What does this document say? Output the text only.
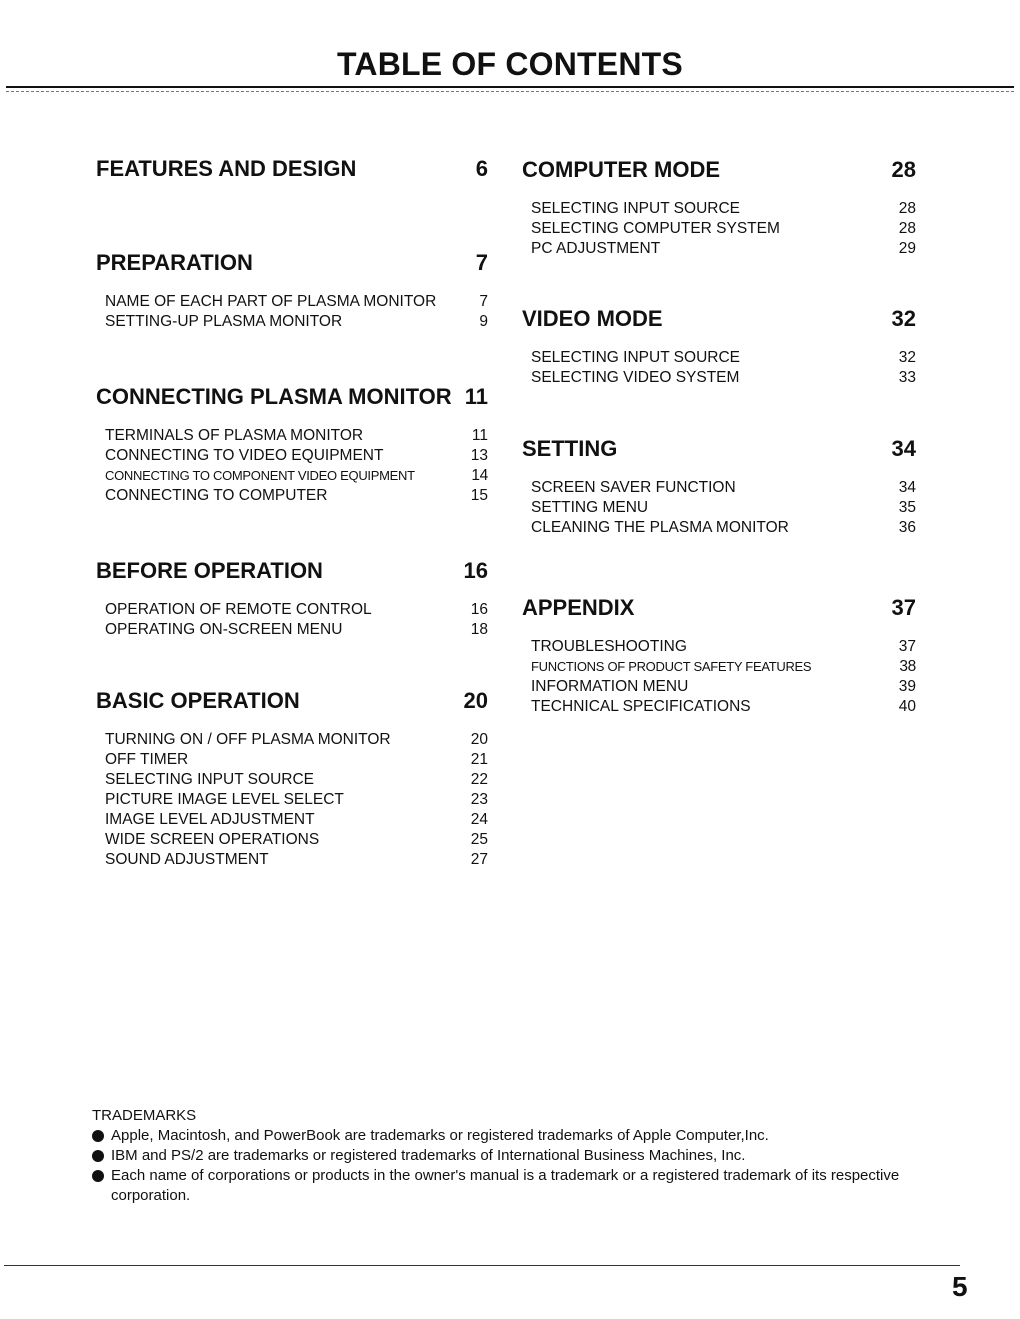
TABLE OF CONTENTS
FEATURES AND DESIGN	6
PREPARATION	7
NAME OF EACH PART OF PLASMA MONITOR	7
SETTING-UP PLASMA MONITOR	9
CONNECTING PLASMA MONITOR 11
TERMINALS OF PLASMA MONITOR	11
CONNECTING TO VIDEO EQUIPMENT	13
CONNECTING TO COMPONENT VIDEO EQUIPMENT	14
CONNECTING TO COMPUTER	15
BEFORE OPERATION	16
OPERATION OF REMOTE CONTROL	16
OPERATING ON-SCREEN MENU	18
BASIC OPERATION	20
TURNING ON / OFF PLASMA MONITOR	20
OFF TIMER	21
SELECTING INPUT SOURCE	22
PICTURE IMAGE LEVEL SELECT	23
IMAGE LEVEL ADJUSTMENT	24
WIDE SCREEN OPERATIONS	25
SOUND ADJUSTMENT	27
COMPUTER MODE	28
SELECTING INPUT SOURCE	28
SELECTING COMPUTER SYSTEM	28
PC ADJUSTMENT	29
VIDEO MODE	32
SELECTING INPUT SOURCE	32
SELECTING VIDEO SYSTEM	33
SETTING	34
SCREEN SAVER FUNCTION	34
SETTING MENU	35
CLEANING THE PLASMA MONITOR	36
APPENDIX	37
TROUBLESHOOTING	37
FUNCTIONS OF PRODUCT SAFETY FEATURES	38
INFORMATION MENU	39
TECHNICAL SPECIFICATIONS	40
TRADEMARKS
Apple, Macintosh, and PowerBook are trademarks or registered trademarks of Apple Computer,Inc.
IBM and PS/2 are trademarks or registered trademarks of International Business Machines, Inc.
Each name of corporations or products in the owner's manual is a trademark or a registered trademark of its respective corporation.
5
